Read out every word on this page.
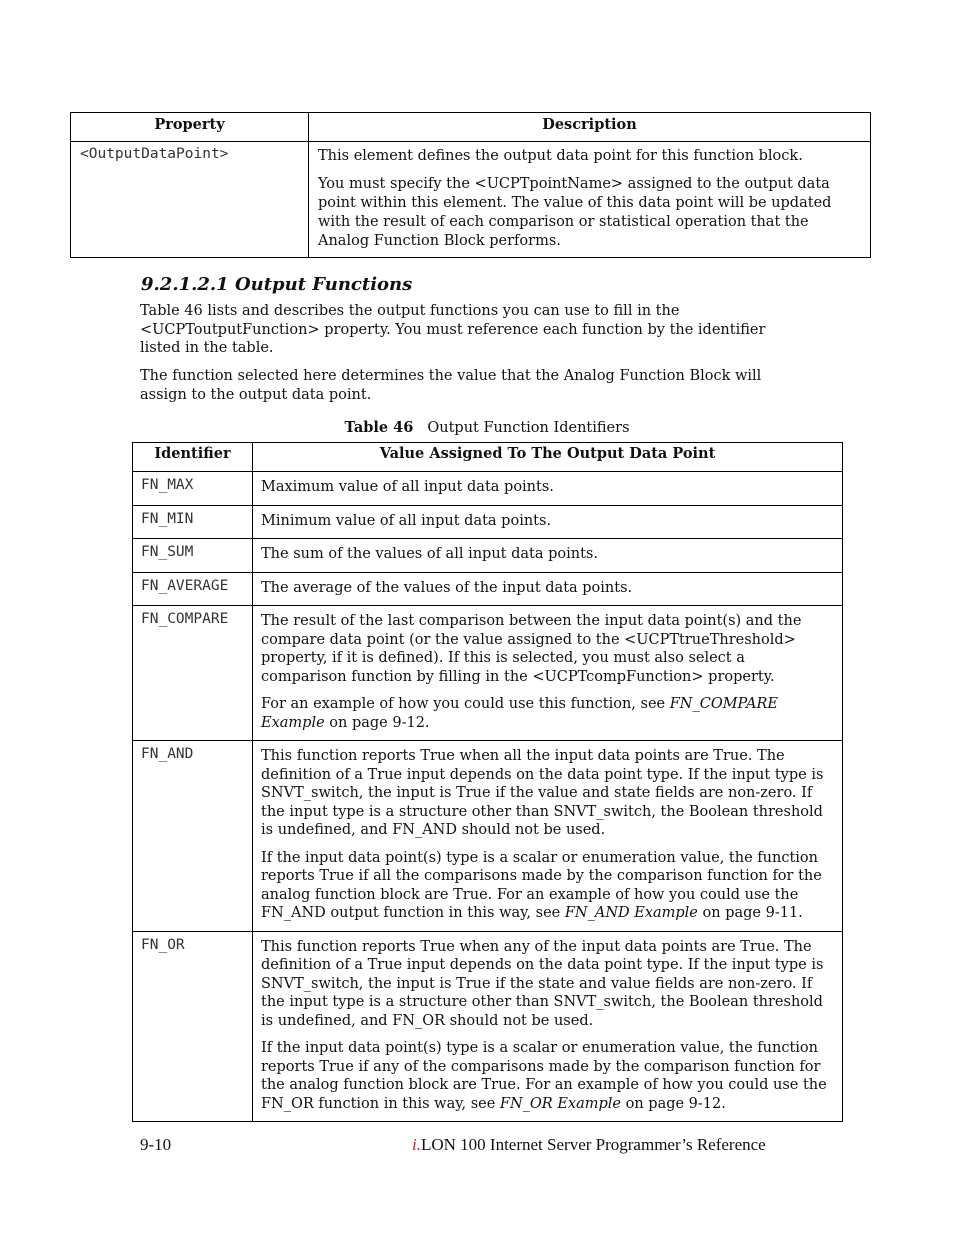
Property	Description
<OutputDataPoint>	This element defines the output data point for this function block.

You must specify the <UCPTpointName> assigned to the output data point within this element. The value of this data point will be updated with the result of each comparison or statistical operation that the Analog Function Block performs.

9.2.1.2.1 Output Functions
Table 46 lists and describes the output functions you can use to fill in the <UCPToutputFunction> property. You must reference each function by the identifier listed in the table.
The function selected here determines the value that the Analog Function Block will assign to the output data point.
Table 46 Output Function Identifiers
Identifier	Value Assigned To The Output Data Point
FN_MAX	Maximum value of all input data points.

FN_MIN	Minimum value of all input data points.

FN_SUM	The sum of the values of all input data points.

FN_AVERAGE	The average of the values of the input data points.

FN_COMPARE	The result of the last comparison between the input data point(s) and the compare data point (or the value assigned to the <UCPTtrueThreshold> property, if it is defined). If this is selected, you must also select a comparison function by filling in the <UCPTcompFunction> property.

For an example of how you could use this function, see FN_COMPARE Example on page 9-12.

FN_AND	This function reports True when all the input data points are True. The definition of a True input depends on the data point type. If the input type is SNVT_switch, the input is True if the value and state fields are non-zero. If the input type is a structure other than SNVT_switch, the Boolean threshold is undefined, and FN_AND should not be used.

If the input data point(s) type is a scalar or enumeration value, the function reports True if all the comparisons made by the comparison function for the analog function block are True. For an example of how you could use the FN_AND output function in this way, see FN_AND Example on page 9-11.

FN_OR	This function reports True when any of the input data points are True. The definition of a True input depends on the data point type. If the input type is SNVT_switch, the input is True if the state and value fields are non-zero. If the input type is a structure other than SNVT_switch, the Boolean threshold is undefined, and FN_OR should not be used.

If the input data point(s) type is a scalar or enumeration value, the function reports True if any of the comparisons made by the comparison function for the analog function block are True. For an example of how you could use the FN_OR function in this way, see FN_OR Example on page 9-12.

9-10	i.LON 100 Internet Server Programmer’s Reference
